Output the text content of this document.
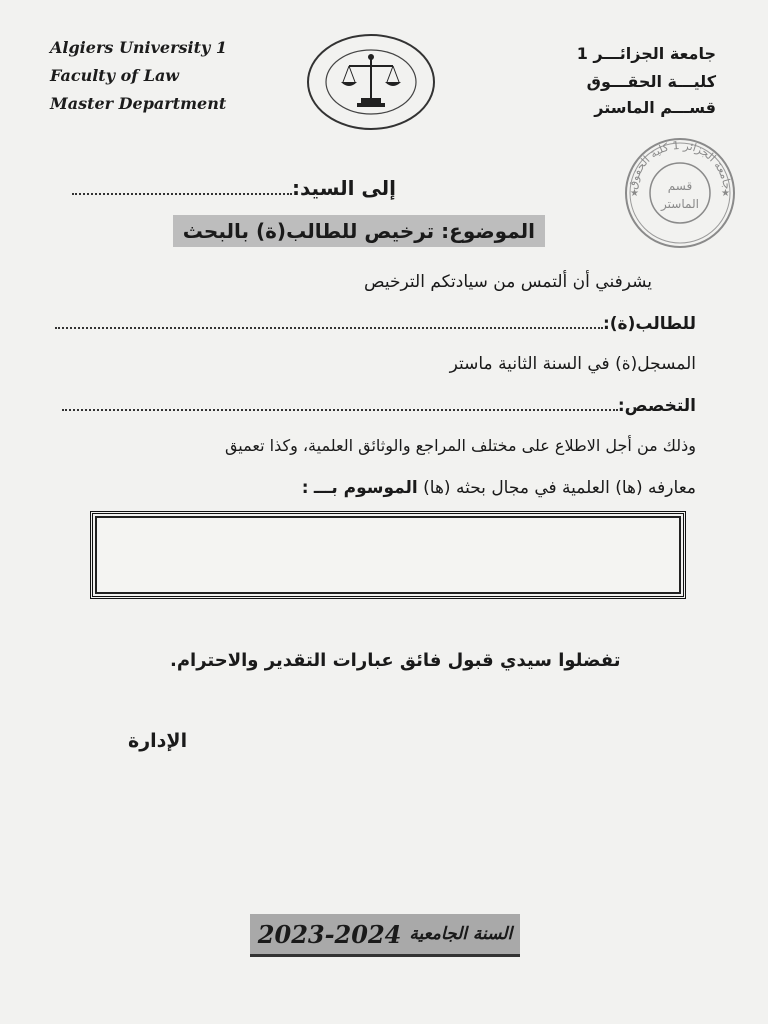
Algiers University 1
Faculty of Law
Master Department
جامعة الجزائـــر 1
كليـــة الحقـــوق
قســـم الماستر
جامعة الجزائر 1 كلية الحقوق
قسم
الماستر
★	★
إلى السيد:
الموضوع: ترخيص للطالب(ة) بالبحث
يشرفني أن ألتمس من سيادتكم الترخيص
للطالب(ة):
المسجل(ة) في السنة الثانية ماستر
التخصص:
وذلك من أجل الاطلاع على مختلف المراجع والوثائق العلمية، وكذا تعميق
معارفه (ها) العلمية في مجال بحثه (ها) الموسوم بـــ :
تفضلوا سيدي قبول فائق عبارات التقدير والاحترام.
الإدارة
السنة الجامعية
2023-2024
